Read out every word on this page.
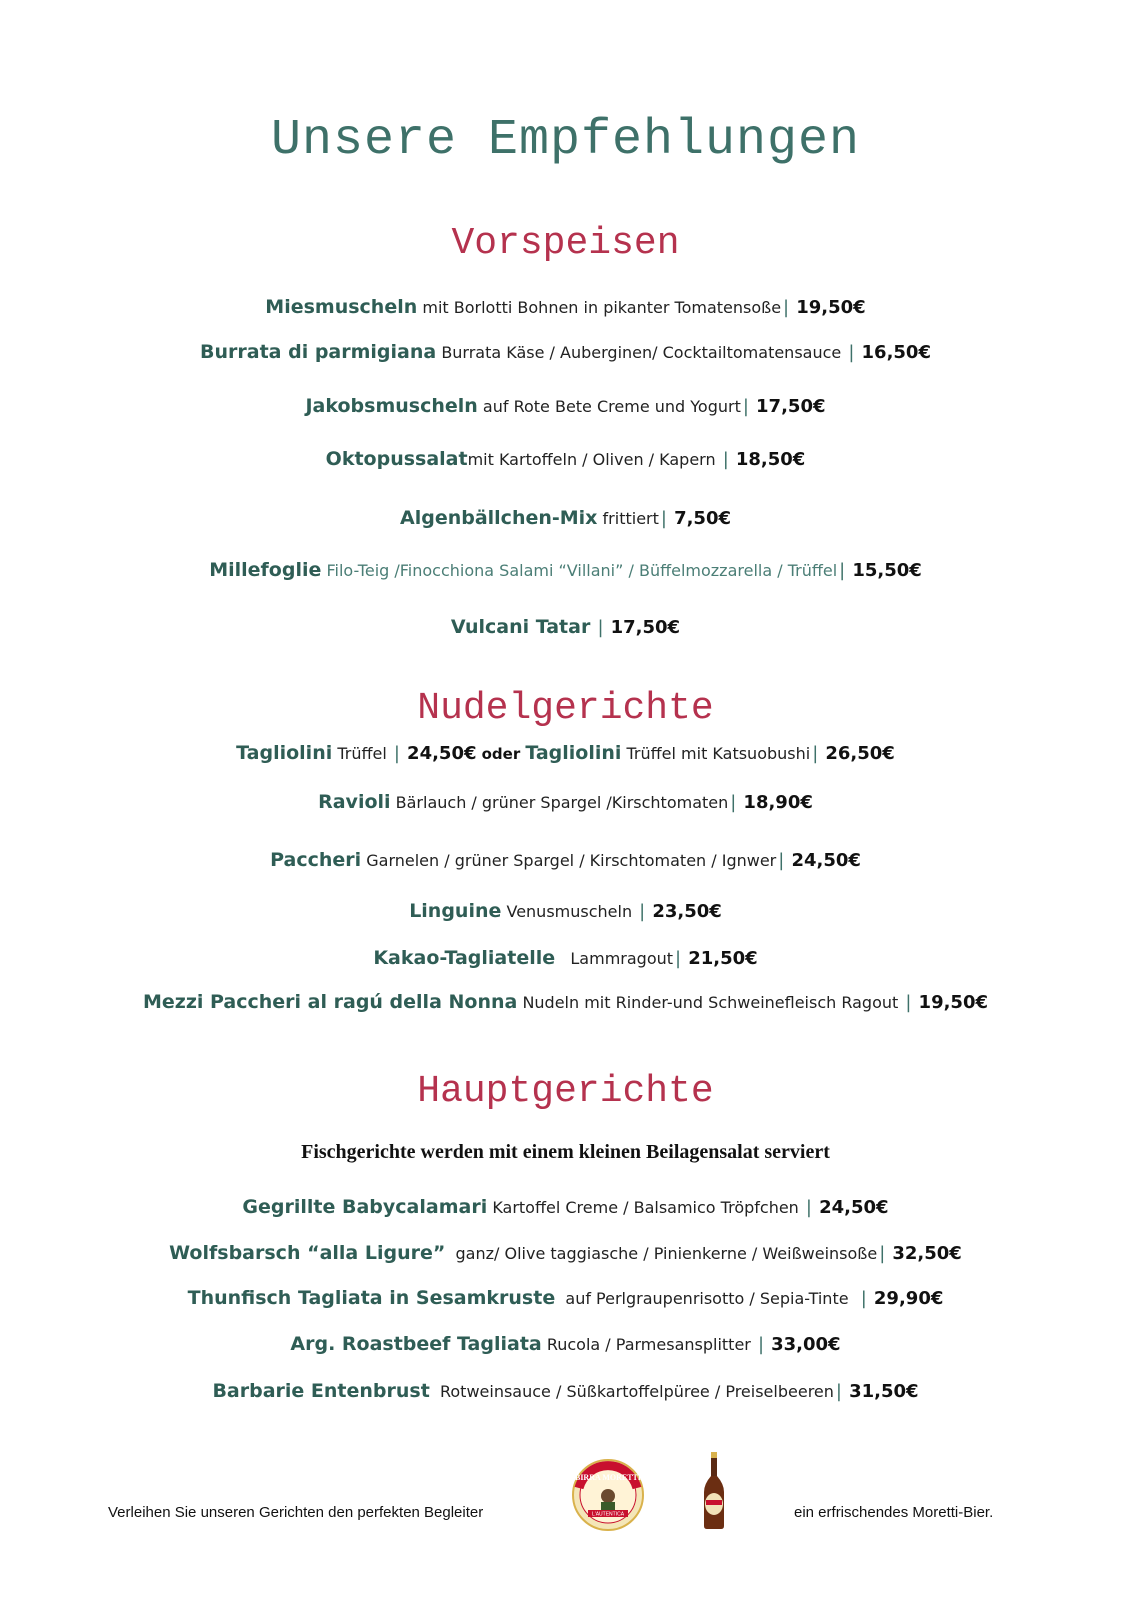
Unsere Empfehlungen
Vorspeisen
Miesmuscheln mit Borlotti Bohnen in pikanter Tomatensoße | 19,50€
Burrata di parmigiana Burrata Käse / Auberginen/ Cocktailtomatensauce | 16,50€
Jakobsmuscheln auf Rote Bete Creme und Yogurt | 17,50€
Oktopussalatmit Kartoffeln / Oliven / Kapern | 18,50€
Algenbällchen-Mix frittiert | 7,50€
Millefoglie Filo-Teig /Finocchiona Salami “Villani” / Büffelmozzarella / Trüffel | 15,50€
Vulcani Tatar | 17,50€
Nudelgerichte
Tagliolini Trüffel | 24,50€ oder Tagliolini Trüffel mit Katsuobushi | 26,50€
Ravioli Bärlauch / grüner Spargel /Kirschtomaten | 18,90€
Paccheri Garnelen / grüner Spargel / Kirschtomaten / Ignwer | 24,50€
Linguine Venusmuscheln | 23,50€
Kakao-Tagliatelle Lammragout | 21,50€
Mezzi Paccheri al ragú della Nonna Nudeln mit Rinder-und Schweinefleisch Ragout | 19,50€
Hauptgerichte
Fischgerichte werden mit einem kleinen Beilagensalat serviert
Gegrillte Babycalamari Kartoffel Creme / Balsamico Tröpfchen | 24,50€
Wolfsbarsch “alla Ligure” ganz/ Olive taggiasche / Pinienkerne / Weißweinsoße | 32,50€
Thunfisch Tagliata in Sesamkruste auf Perlgraupenrisotto / Sepia-Tinte | 29,90€
Arg. Roastbeef Tagliata Rucola / Parmesansplitter | 33,00€
Barbarie Entenbrust Rotweinsauce / Süßkartoffelpüree / Preiselbeeren | 31,50€
Verleihen Sie unseren Gerichten den perfekten Begleiter
BIRRA MORETTI
L'AUTENTICA	ein erfrischendes Moretti-Bier.
